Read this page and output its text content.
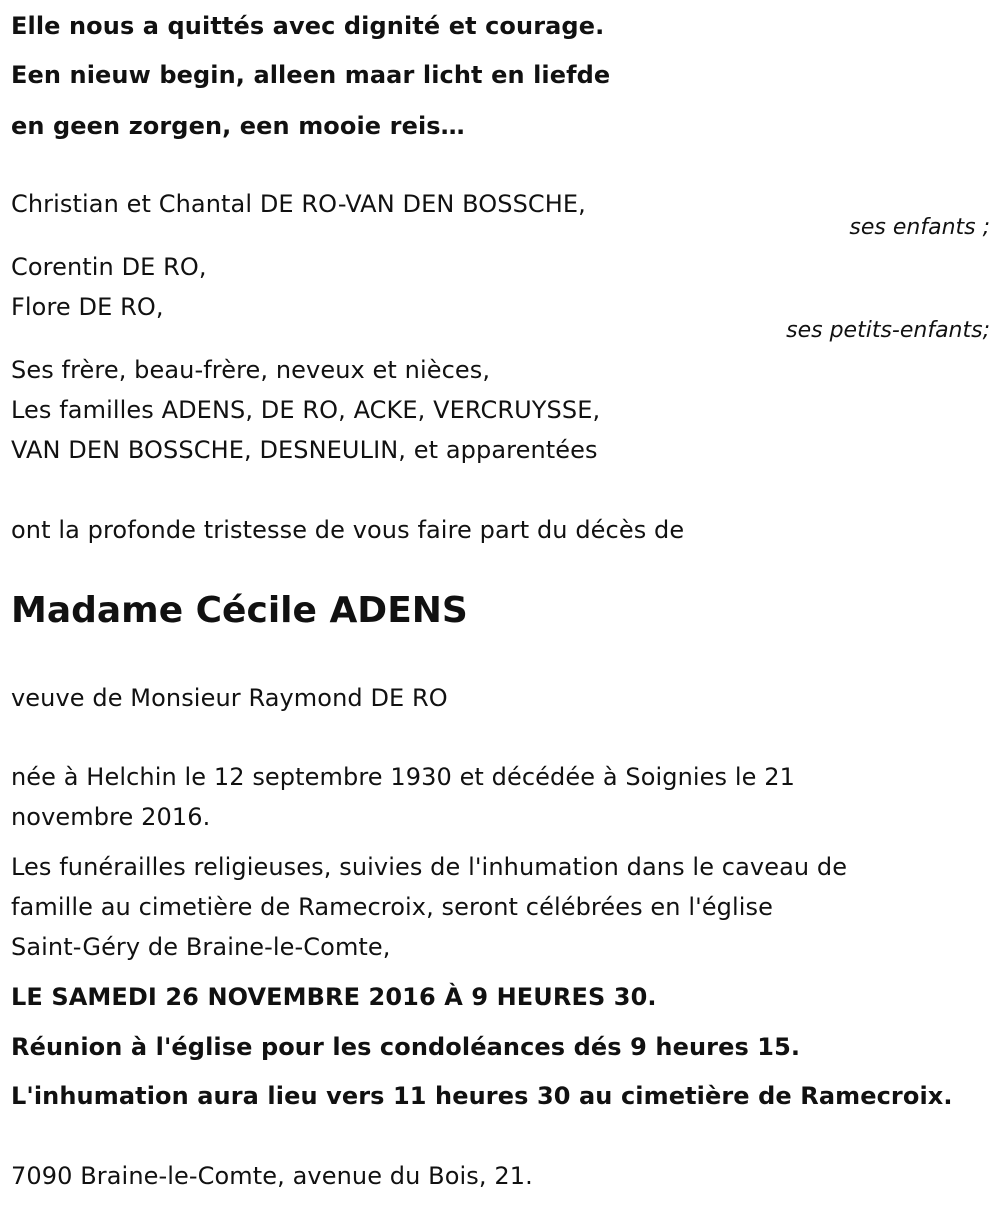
Elle nous a quittés avec dignité et courage.
Een nieuw begin, alleen maar licht en liefde
en geen zorgen, een mooie reis…
Christian et Chantal DE RO-VAN DEN BOSSCHE,
ses enfants ;
Corentin DE RO,
Flore DE RO,
ses petits-enfants;
Ses frère, beau-frère, neveux et nièces,
Les familles ADENS, DE RO, ACKE, VERCRUYSSE,
VAN DEN BOSSCHE, DESNEULIN, et apparentées
ont la profonde tristesse de vous faire part du décès de
Madame Cécile ADENS
veuve de Monsieur Raymond DE RO
née à Helchin le 12 septembre 1930 et décédée à Soignies le 21
novembre 2016.
Les funérailles religieuses, suivies de l'inhumation dans le caveau de
famille au cimetière de Ramecroix, seront célébrées en l'église
Saint-Géry de Braine-le-Comte,
LE SAMEDI 26 NOVEMBRE 2016 À 9 HEURES 30.
Réunion à l'église pour les condoléances dés 9 heures 15.
L'inhumation aura lieu vers 11 heures 30 au cimetière de Ramecroix.
7090 Braine-le-Comte, avenue du Bois, 21.
